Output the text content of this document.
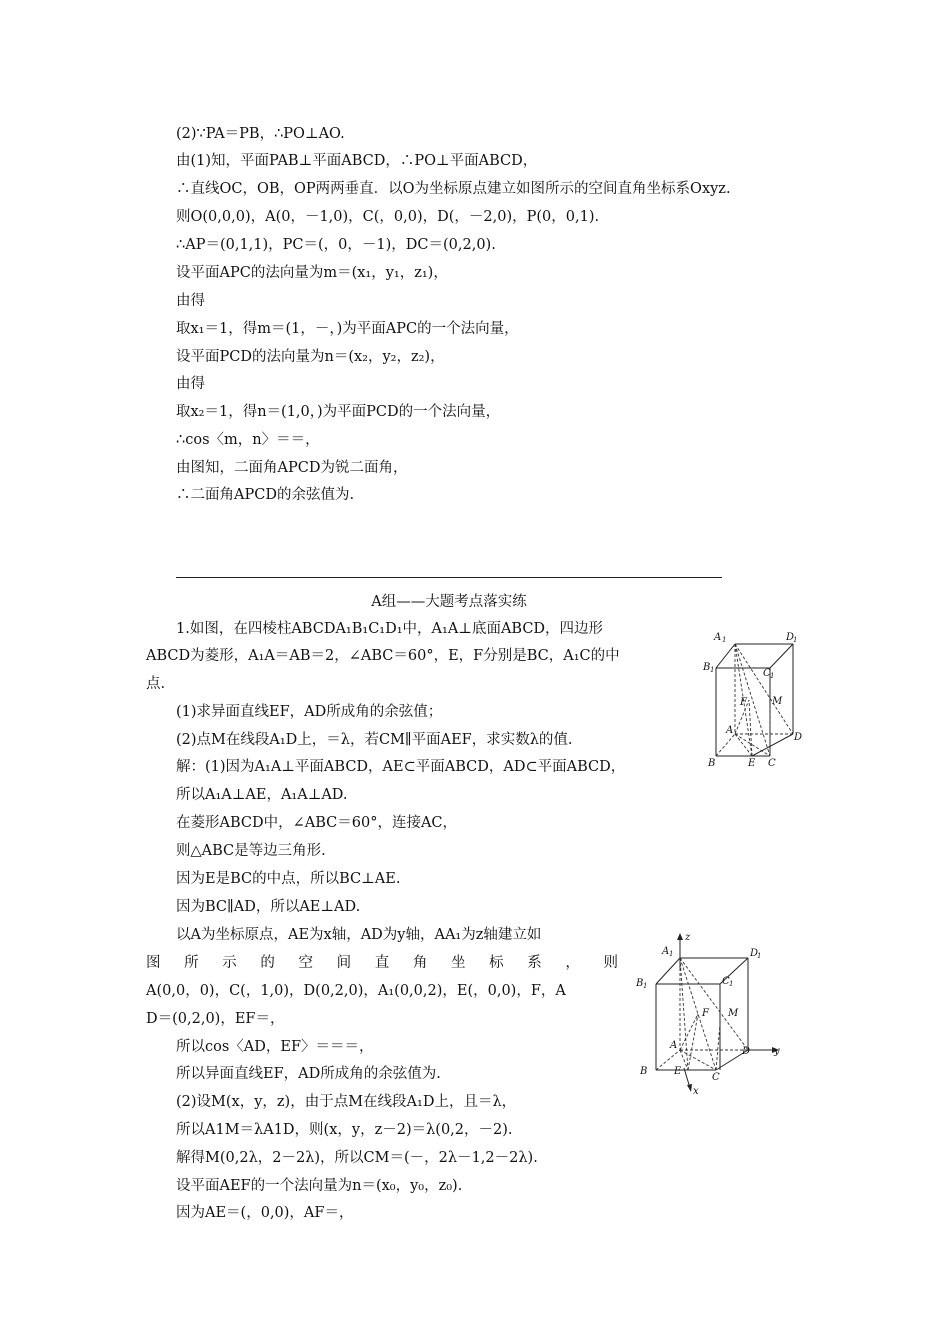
(2)∵PA＝PB，∴PO⊥AO.
由(1)知，平面PAB⊥平面ABCD，∴PO⊥平面ABCD，
∴直线OC，OB，OP两两垂直．以O为坐标原点建立如图所示的空间直角坐标系Oxyz.
则O(0,0,0)，A(0，－1,0)，C(，0,0)，D(，－2,0)，P(0，0,1).
∴AP＝(0,1,1)，PC＝(，0，－1)，DC＝(0,2,0).
设平面APC的法向量为m＝(x₁，y₁，z₁)，
由得
取x₁＝1，得m＝(1，－，)为平面APC的一个法向量，
设平面PCD的法向量为n＝(x₂，y₂，z₂)，
由得
取x₂＝1，得n＝(1,0，)为平面PCD的一个法向量，
∴cos〈m，n〉＝＝，
由图知，二面角APCD为锐二面角，
∴二面角APCD的余弦值为.
A组——大题考点落实练
1.如图，在四棱柱ABCDA₁B₁C₁D₁中，A₁A⊥底面ABCD，四边形
ABCD为菱形，A₁A＝AB＝2，∠ABC＝60°，E，F分别是BC，A₁C的中
点.
(1)求异面直线EF，AD所成角的余弦值；
(2)点M在线段A₁D上，＝λ，若CM∥平面AEF，求实数λ的值.
解：(1)因为A₁A⊥平面ABCD，AE⊂平面ABCD，AD⊂平面ABCD，
所以A₁A⊥AE，A₁A⊥AD.
在菱形ABCD中，∠ABC＝60°，连接AC，
则△ABC是等边三角形.
因为E是BC的中点，所以BC⊥AE.
因为BC∥AD，所以AE⊥AD.
以A为坐标原点，AE为x轴，AD为y轴，AA₁为z轴建立如
图 所 示 的 空 间 直 角 坐 标 系 ， 则
A(0,0，0)，C(，1,0)，D(0,2,0)，A₁(0,0,2)，E(，0,0)，F，A
D＝(0,2,0)，EF＝，
所以cos〈AD，EF〉＝＝＝，
所以异面直线EF，AD所成角的余弦值为.
(2)设M(x，y，z)，由于点M在线段A₁D上，且＝λ，
所以A1M＝λA1D，则(x，y，z－2)＝λ(0,2，－2).
解得M(0,2λ，2－2λ)，所以CM＝(－，2λ－1,2－2λ).
设平面AEF的一个法向量为n＝(x₀，y₀，z₀).
因为AE＝(，0,0)，AF＝，
A 1	D
1
B 1	C 1
F	M
A
D
B	E C
z
y
x
A 1	D
1
B 1	C 1
F M
A
D
B	E
C
